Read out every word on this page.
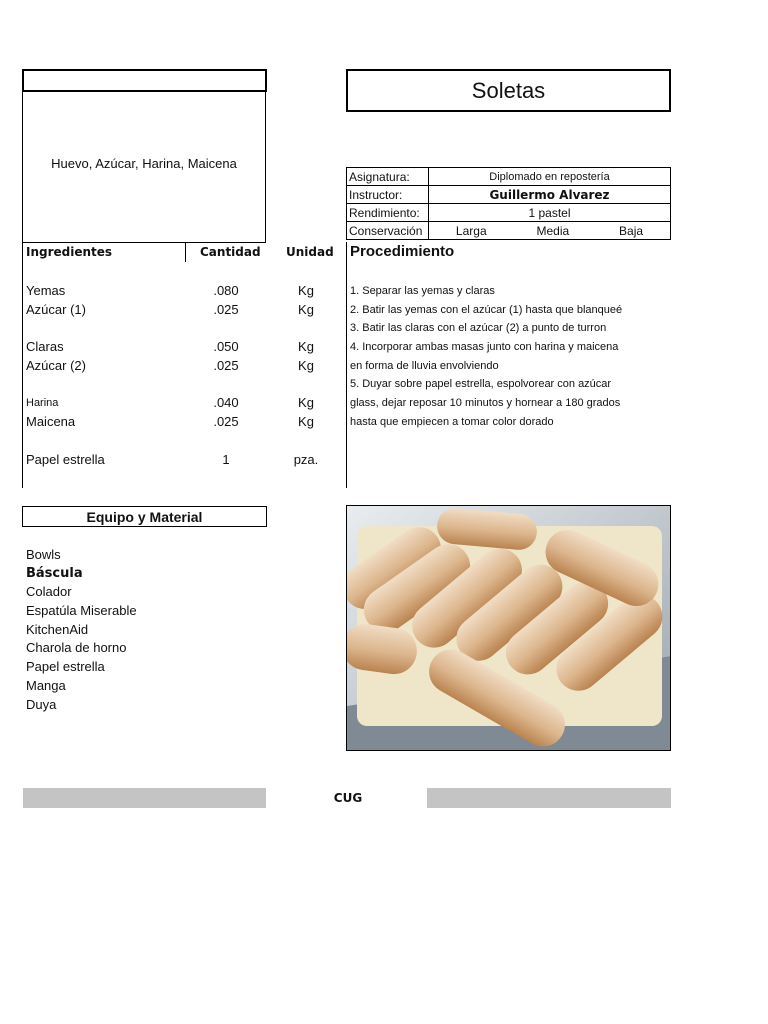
Huevo, Azúcar, Harina, Maicena
Soletas
Asignatura:	Diplomado en repostería
Instructor:	Guillermo Alvarez
Rendimiento:	1 pastel
Conservación	Larga Media Baja
Ingredientes	Cantidad Unidad
Yemas	.080	Kg
Azúcar (1)	.025	Kg
Claras	.050	Kg
Azúcar (2)	.025	Kg
Harina	.040	Kg
Maicena	.025	Kg
Papel estrella	1	pza.
Procedimiento
1. Separar las yemas y claras
2. Batir las yemas con el azúcar (1) hasta que blanqueé
3. Batir las claras con el azúcar (2) a punto de turron
4. Incorporar ambas masas junto con harina y maicena
en forma de lluvia envolviendo
5. Duyar sobre papel estrella, espolvorear con azúcar
glass, dejar reposar 10 minutos y hornear a 180 grados
hasta que empiecen a tomar color dorado
Equipo y Material
Bowls
Báscula
Colador
Espatúla Miserable
KitchenAid
Charola de horno
Papel estrella
Manga
Duya
CUG
